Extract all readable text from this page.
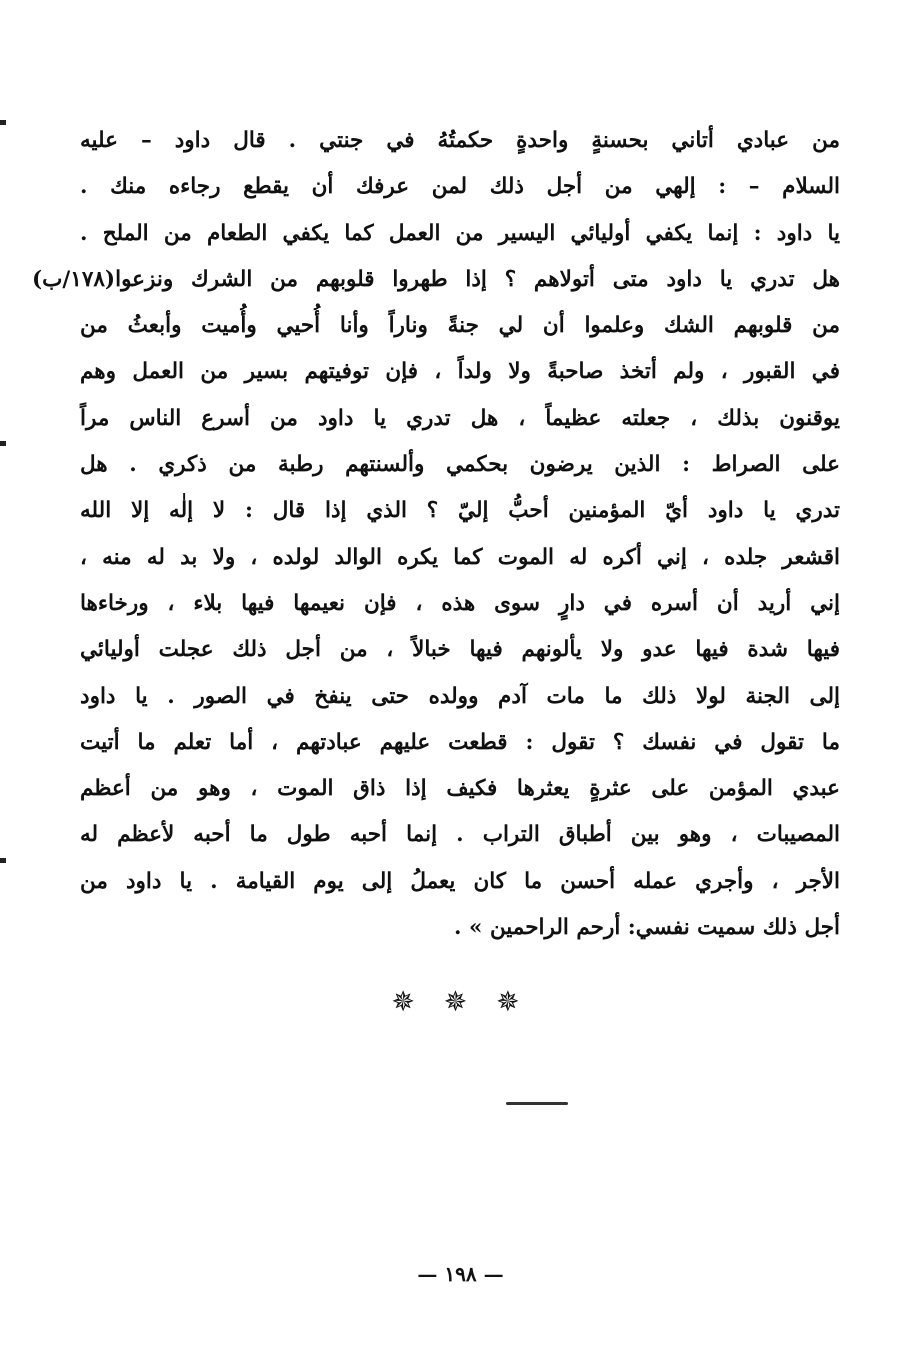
من عبادي أتاني بحسنةٍ واحدةٍ حكمتُهُ في جنتي . قال داود – عليه
السلام – : إلهي من أجل ذلك لمن عرفك أن يقطع رجاءه منك .
يا داود : إنما يكفي أوليائي اليسير من العمل كما يكفي الطعام من الملح .
هل تدري يا داود متى أتولاهم ؟ إذا طهروا قلوبهم من الشرك ونزعوا(١٧٨/ب)
من قلوبهم الشك وعلموا أن لي جنةً وناراً وأنا أُحيي وأُميت وأبعثُ من
في القبور ، ولم أتخذ صاحبةً ولا ولداً ، فإن توفيتهم بسير من العمل وهم
يوقنون بذلك ، جعلته عظيماً ، هل تدري يا داود من أسرع الناس مراً
على الصراط : الذين يرضون بحكمي وألسنتهم رطبة من ذكري . هل
تدري يا داود أيّ المؤمنين أحبُّ إليّ ؟ الذي إذا قال : لا إلٰه إلا الله
اقشعر جلده ، إني أكره له الموت كما يكره الوالد لولده ، ولا بد له منه ،
إني أريد أن أسره في دارٍ سوى هذه ، فإن نعيمها فيها بلاء ، ورخاءها
فيها شدة فيها عدو ولا يألونهم فيها خبالاً ، من أجل ذلك عجلت أوليائي
إلى الجنة لولا ذلك ما مات آدم وولده حتى ينفخ في الصور . يا داود
ما تقول في نفسك ؟ تقول : قطعت عليهم عبادتهم ، أما تعلم ما أتيت
عبدي المؤمن على عثرةٍ يعثرها فكيف إذا ذاق الموت ، وهو من أعظم
المصيبات ، وهو بين أطباق التراب . إنما أحبه طول ما أحبه لأعظم له
الأجر ، وأجري عمله أحسن ما كان يعملُ إلى يوم القيامة . يا داود من
أجل ذلك سميت نفسي: أرحم الراحمين » .
✵ ✵ ✵
— ١٩٨ —
